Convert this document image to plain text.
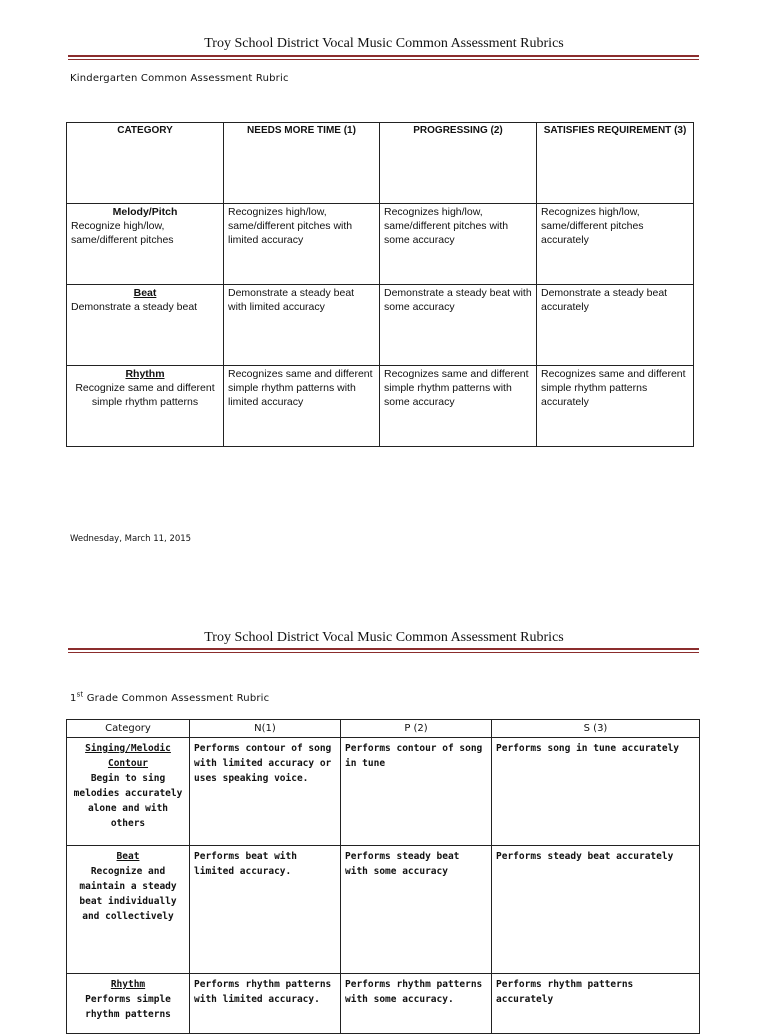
Troy School District Vocal Music Common Assessment Rubrics
Kindergarten Common Assessment Rubric
CATEGORY	NEEDS MORE TIME (1)	PROGRESSING (2)	SATISFIES REQUIREMENT (3)

Melody/Pitch
Recognize high/low, same/different pitches	Recognizes high/low, same/different pitches with limited accuracy	Recognizes high/low, same/different pitches with some accuracy	Recognizes high/low, same/different pitches accurately

Beat
Demonstrate a steady beat	Demonstrate a steady beat with limited accuracy	Demonstrate a steady beat with some accuracy	Demonstrate a steady beat accurately

Rhythm
Recognize same and different simple rhythm patterns	Recognizes same and different simple rhythm patterns with limited accuracy	Recognizes same and different simple rhythm patterns with some accuracy	Recognizes same and different simple rhythm patterns accurately
Wednesday, March 11, 2015
Troy School District Vocal Music Common Assessment Rubrics
1st Grade Common Assessment Rubric
Category	N(1)	P (2)	S (3)

Singing/Melodic Contour
Begin to sing melodies accurately alone and with others	Performs contour of song with limited accuracy or uses speaking voice.	Performs contour of song in tune	Performs song in tune accurately

Beat
Recognize and maintain a steady beat individually and collectively	Performs beat with limited accuracy.	Performs steady beat with some accuracy	Performs steady beat accurately

Rhythm
Performs simple rhythm patterns	Performs rhythm patterns with limited accuracy.	Performs rhythm patterns with some accuracy.	Performs rhythm patterns accurately
